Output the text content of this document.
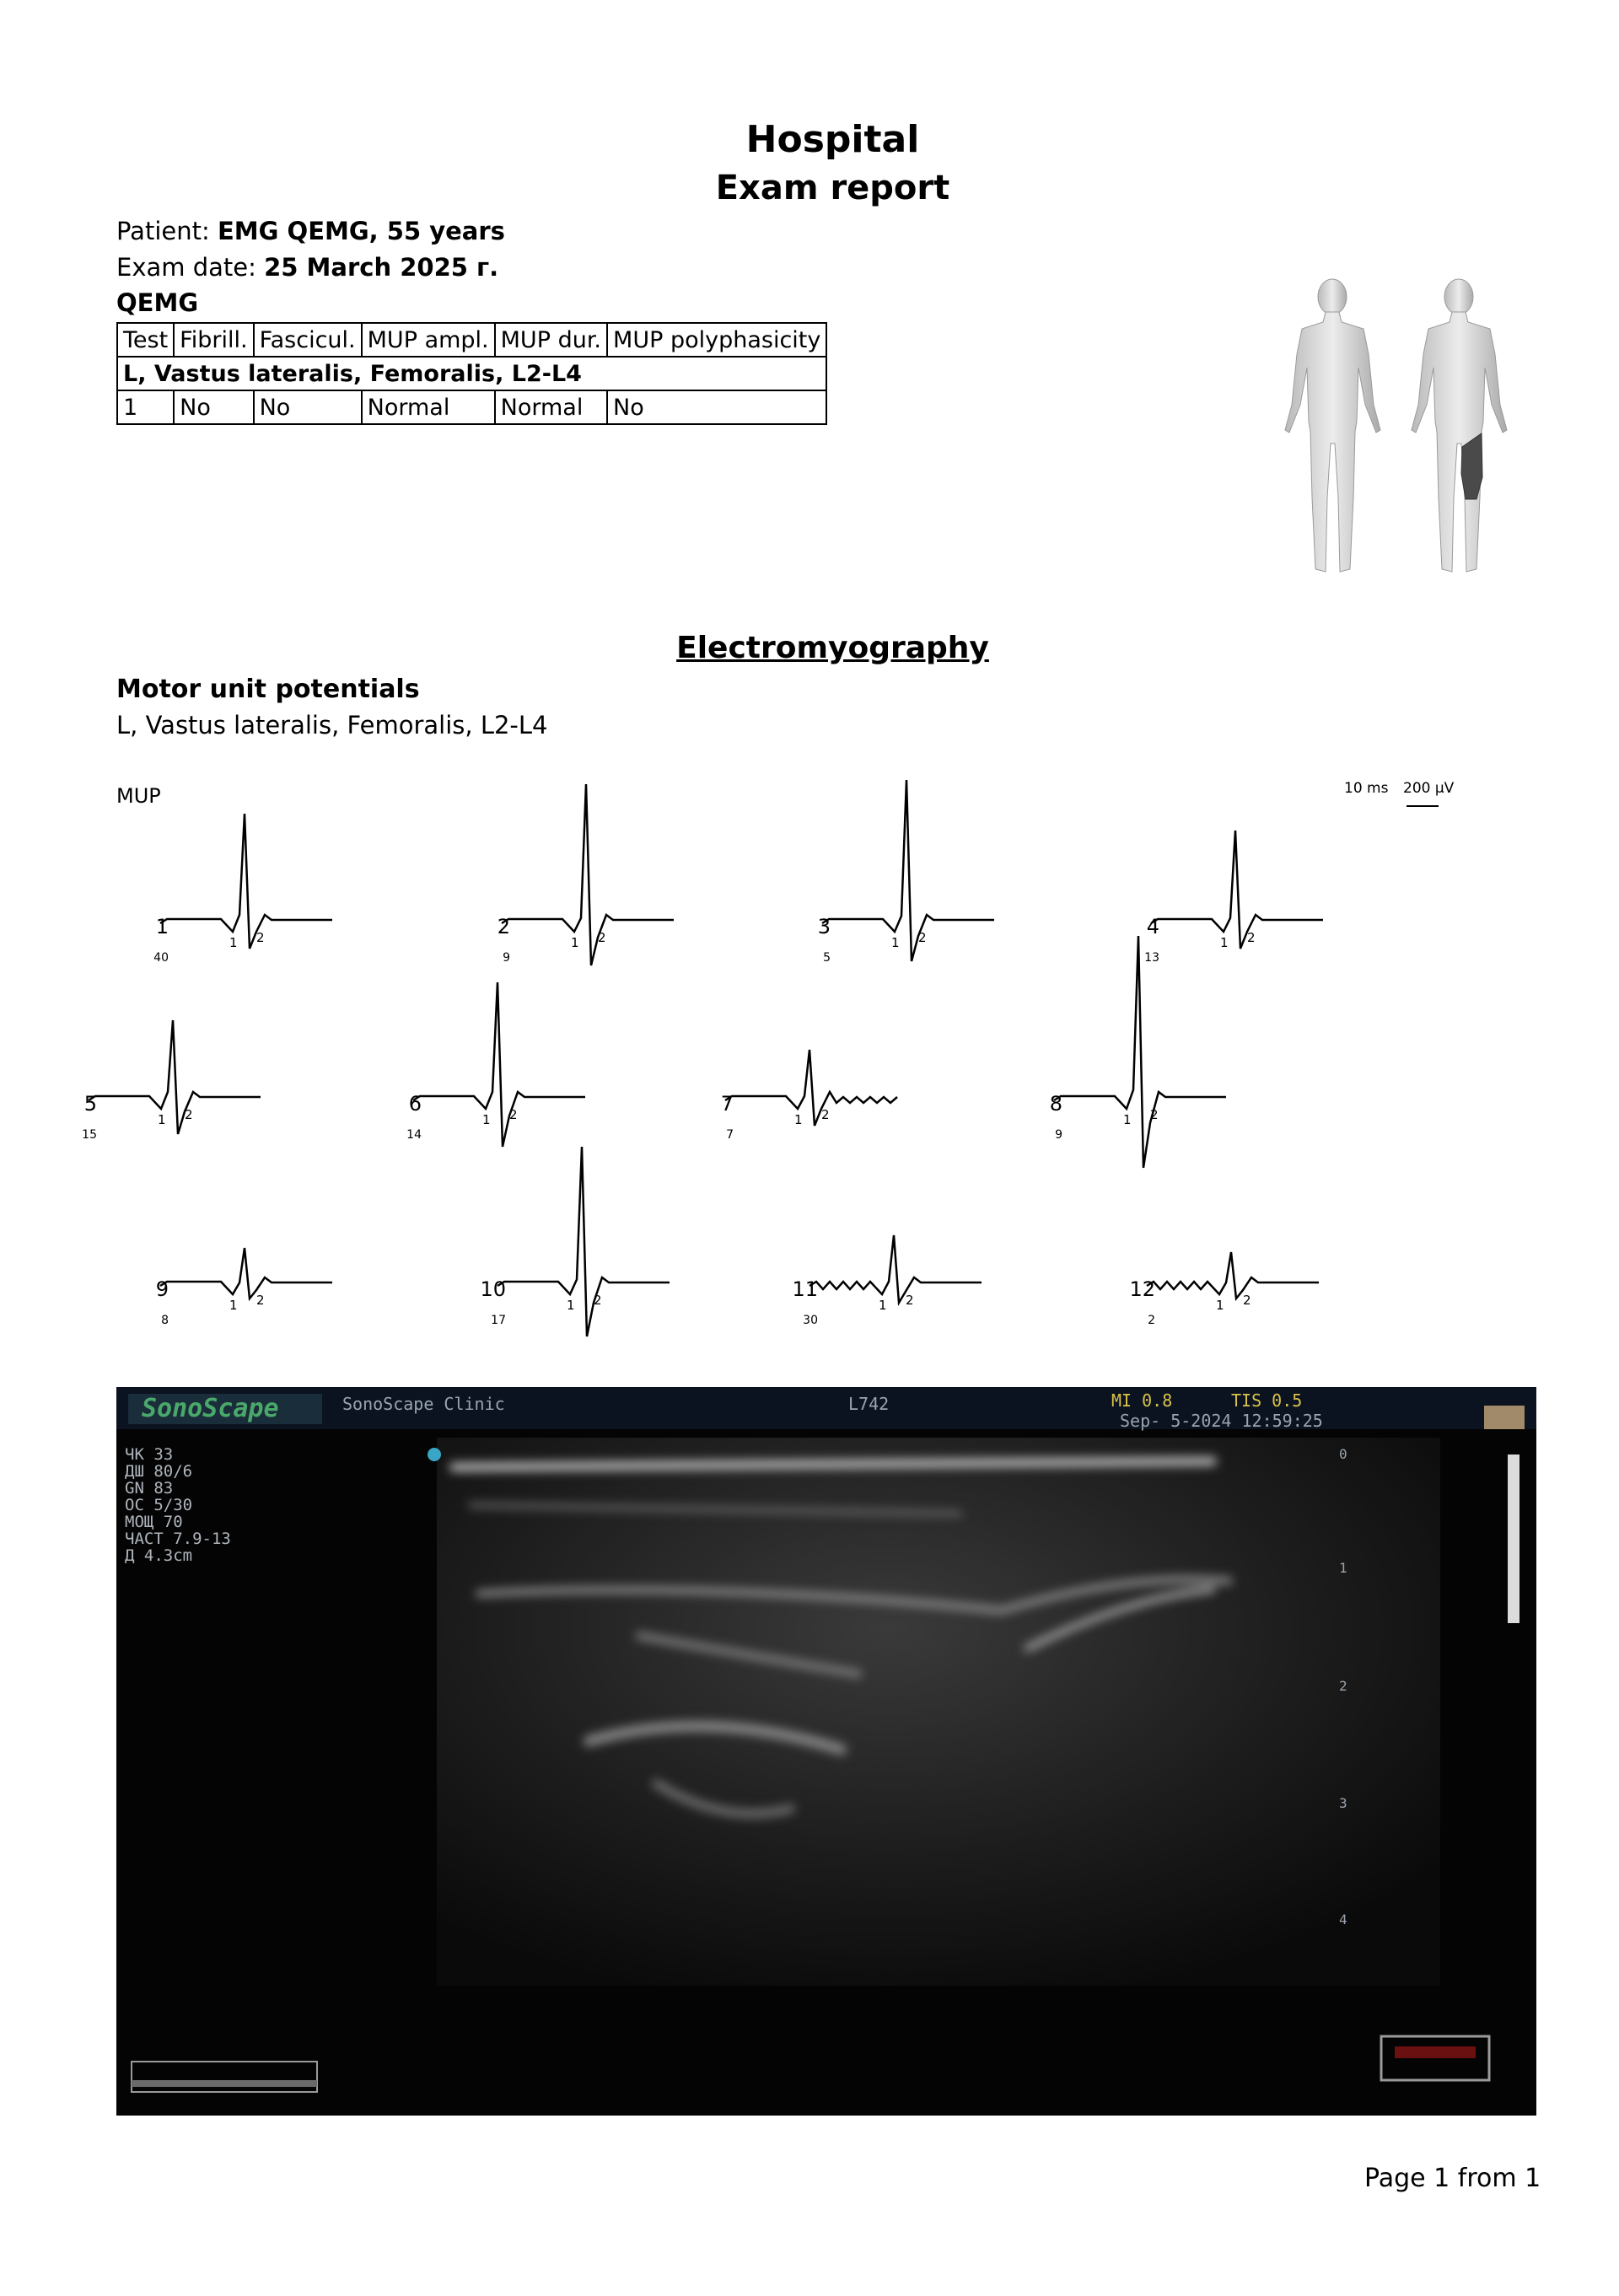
Hospital
Exam report
Patient: EMG QEMG, 55 years
Exam date: 25 March 2025 г.
QEMG
Test	Fibrill.	Fascicul.	MUP ampl.	MUP dur.	MUP polyphasicity
L, Vastus lateralis, Femoralis, L2-L4					
1	No	No	Normal	Normal	No
Electromyography
Motor unit potentials
L, Vastus lateralis, Femoralis, L2-L4
MUP	10 ms 200 µV
1
40
1 2	2
9
1 2	3
5
1 2	4
13
1 2
5
15
1 2	6
14
1 2	7
7
1 2	8
9
1 2
9
8
1 2	10
17
1 2	11
30
1 2	12
2
1 2
SonoScape	SonoScape Clinic	L742	MI 0.8	TIS 0.5
Sep- 5-2024 12:59:25
ЧК 33
ДШ 80/6
GN 83
ОС 5/30
МОЩ 70
ЧАСТ 7.9-13
Д 4.3cm
0
1
2
3
4
Page 1 from 1
